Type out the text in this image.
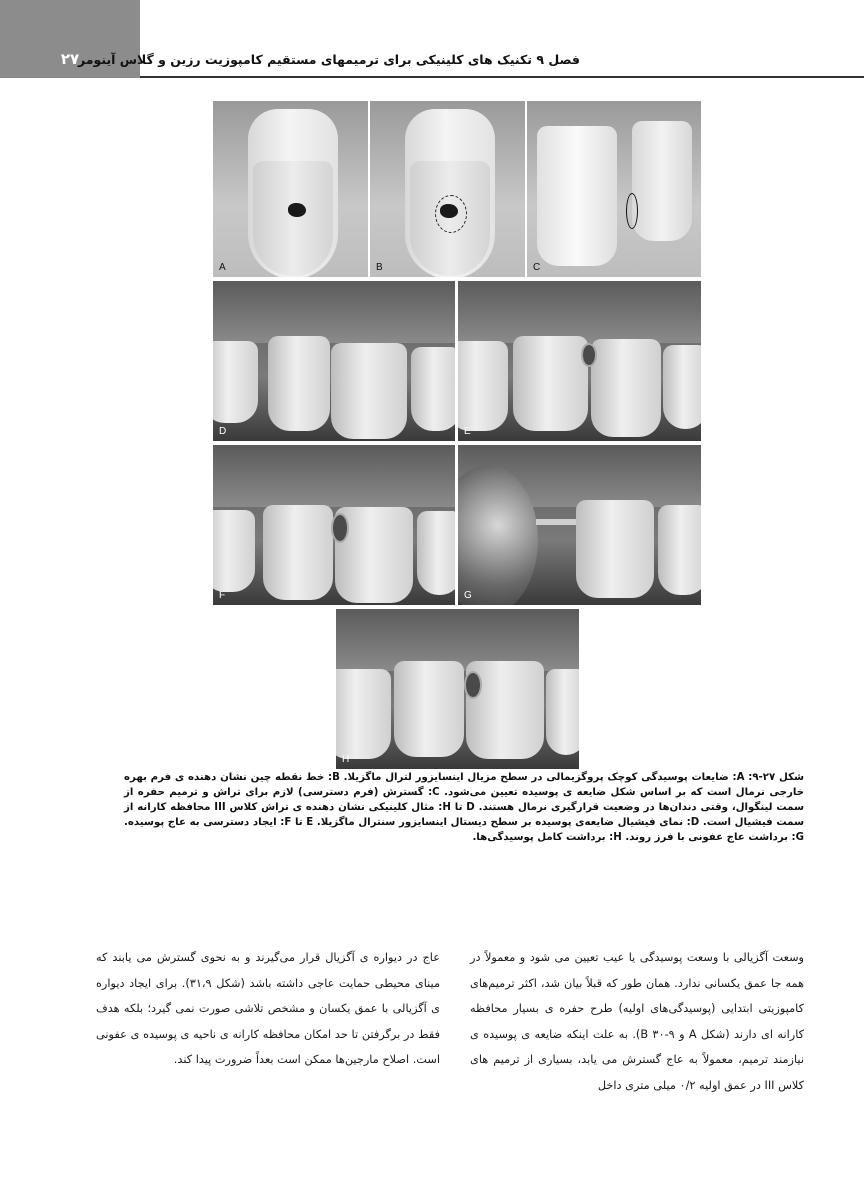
۲۷
فصل ۹ تکنیک های کلینیکی برای ترمیمهای مستقیم کامپوزیت رزین و گلاس آینومر
A	B	C
D	E
F	G
H
شکل ۲۷-۹: A: ضایعات پوسیدگی کوچک پروگزیمالی در سطح مزیال اینسایزور لترال ماگزیلا. B: خط نقطه چین نشان دهنده ی فرم بهره خارجی نرمال است که بر اساس شکل ضایعه ی پوسیده تعیین می‌شود. C: گسترش (فرم دسترسی) لازم برای تراش و ترمیم حفره از سمت لینگوال، وقتی دندان‌ها در وضعیت قرارگیری نرمال هستند. D تا H: مثال کلینیکی نشان دهنده ی تراش کلاس III محافظه کارانه از سمت فیشیال است. D: نمای فیشیال ضایعه‌ی پوسیده بر سطح دیستال اینسایزور سنترال ماگزیلا. E تا F: ایجاد دسترسی به عاج پوسیده. G: برداشت عاج عفونی با فرز روند. H: برداشت کامل پوسیدگی‌ها.
وسعت آگزیالی با وسعت پوسیدگی یا عیب تعیین می شود و معمولاً در همه جا عمق یکسانی ندارد. همان طور که قبلاً بیان شد، اکثر ترمیم‌های کامپوزیتی ابتدایی (پوسیدگی‌های اولیه) طرح حفره ی بسیار محافظه کارانه ای دارند (شکل A و B ۳۰-۹). به علت اینکه ضایعه ی پوسیده ی نیازمند ترمیم، معمولاً به عاج گسترش می یابد، بسیاری از ترمیم های کلاس III در عمق اولیه ۰/۲ میلی متری داخل
عاج در دیواره ی آگزیال قرار می‌گیرند و به نحوی گسترش می یابند که مینای محیطی حمایت عاجی داشته باشد (شکل ۳۱،۹). برای ایجاد دیواره ی آگزیالی با عمق یکسان و مشخص تلاشی صورت نمی گیرد؛ بلکه هدف فقط در برگرفتن تا حد امکان محافظه کارانه ی ناحیه ی پوسیده ی عفونی است. اصلاح مارجین‌ها ممکن است بعداً ضرورت پیدا کند.
